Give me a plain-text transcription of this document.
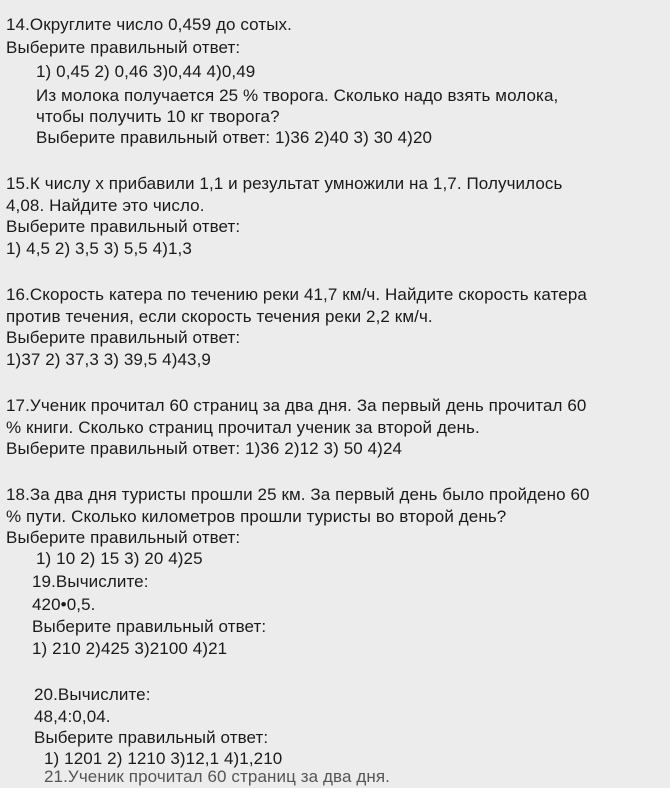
14.Округлите число 0,459 до сотых.
Выберите правильный ответ:
1) 0,45 2) 0,46 3)0,44 4)0,49
Из молока получается 25 % творога. Сколько надо взять молока,
чтобы получить 10 кг творога?
Выберите правильный ответ: 1)36 2)40 3) 30 4)20
15.К числу х прибавили 1,1 и результат умножили на 1,7. Получилось
4,08. Найдите это число.
Выберите правильный ответ:
1) 4,5 2) 3,5 3) 5,5 4)1,3
16.Скорость катера по течению реки 41,7 км/ч. Найдите скорость катера
против течения, если скорость течения реки 2,2 км/ч.
Выберите правильный ответ:
1)37 2) 37,3 3) 39,5 4)43,9
17.Ученик прочитал 60 страниц за два дня. За первый день прочитал 60
% книги. Сколько страниц прочитал ученик за второй день.
Выберите правильный ответ: 1)36 2)12 3) 50 4)24
18.За два дня туристы прошли 25 км. За первый день было пройдено 60
% пути. Сколько километров прошли туристы во второй день?
Выберите правильный ответ:
1) 10 2) 15 3) 20 4)25
19.Вычислите:
420•0,5.
Выберите правильный ответ:
1) 210 2)425 3)2100 4)21
20.Вычислите:
48,4:0,04.
Выберите правильный ответ:
1) 1201 2) 1210 3)12,1 4)1,210
21.Ученик прочитал 60 страниц за два дня.
